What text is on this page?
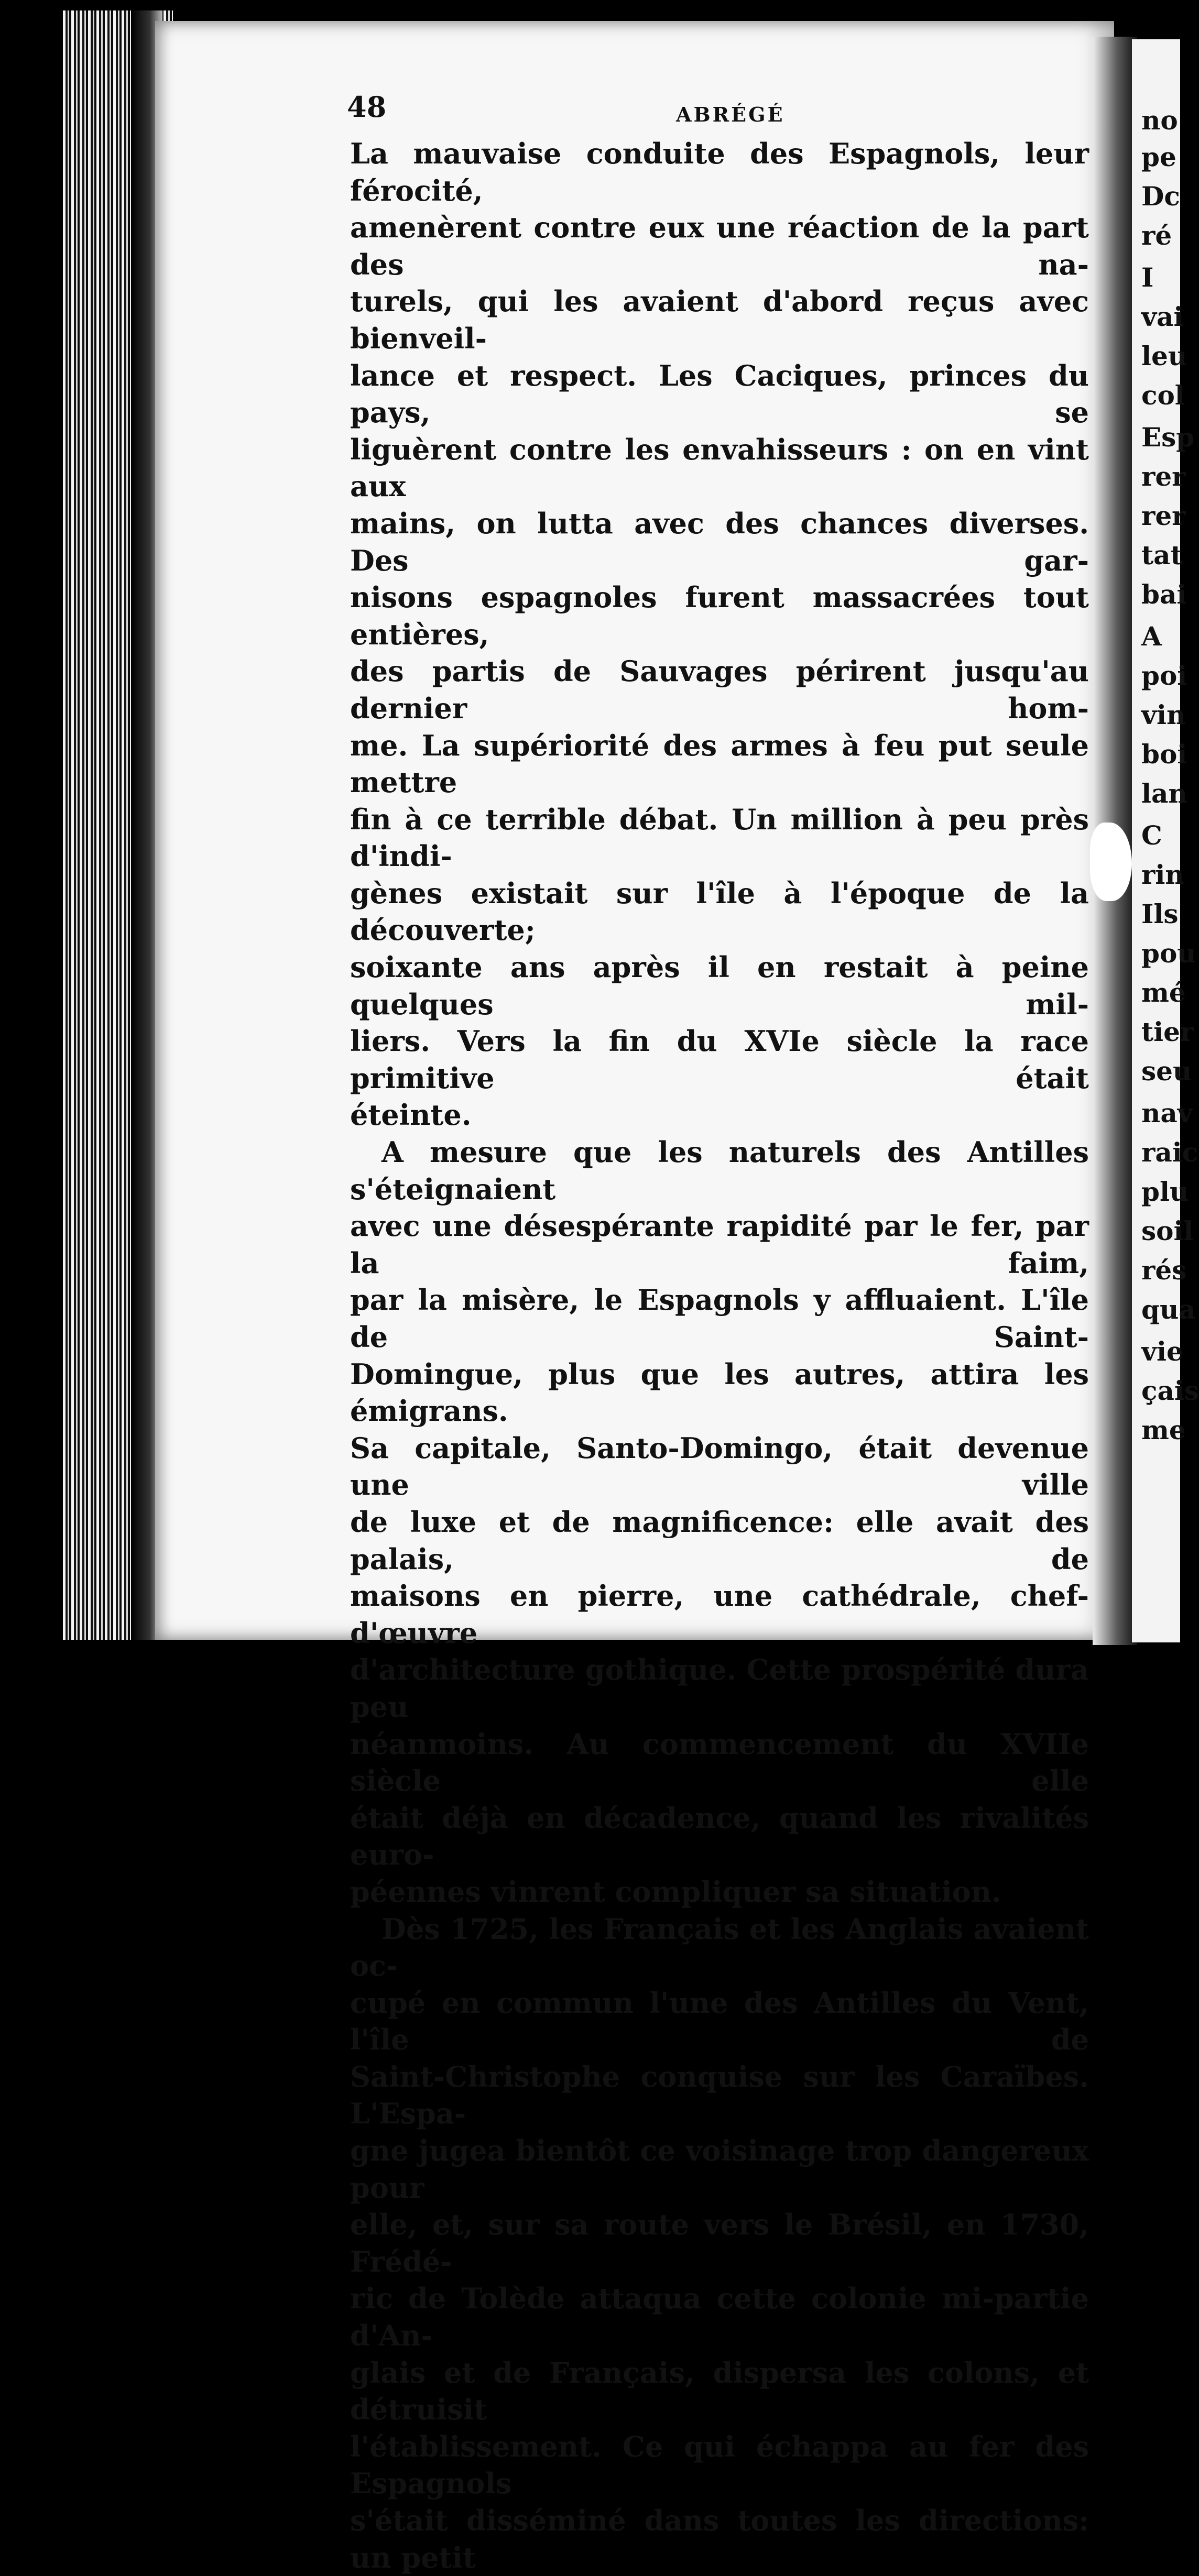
no
pe
Dc
ré
I
vai
leu
col
Esp
rer
rer
tat
bai
A
poi
vin
boi
lan
C
rin
Ils
pou
mé
tier
seu
nav
raic
plu
soil
rés
qua
vie
çais
me
48	ABRÉGÉ

La mauvaise conduite des Espagnols, leur férocité,

amenèrent contre eux une réaction de la part des na-

turels, qui les avaient d'abord reçus avec bienveil-

lance et respect. Les Caciques, princes du pays, se

liguèrent contre les envahisseurs : on en vint aux

mains, on lutta avec des chances diverses. Des gar-

nisons espagnoles furent massacrées tout entières,

des partis de Sauvages périrent jusqu'au dernier hom-

me. La supériorité des armes à feu put seule mettre

fin à ce terrible débat. Un million à peu près d'indi-

gènes existait sur l'île à l'époque de la découverte;

soixante ans après il en restait à peine quelques mil-

liers. Vers la fin du XVIe siècle la race primitive était

éteinte.

A mesure que les naturels des Antilles s'éteignaient

avec une désespérante rapidité par le fer, par la faim,

par la misère, le Espagnols y affluaient. L'île de Saint-

Domingue, plus que les autres, attira les émigrans.

Sa capitale, Santo-Domingo, était devenue une ville

de luxe et de magnificence: elle avait des palais, de

maisons en pierre, une cathédrale, chef-d'œuvre

d'architecture gothique. Cette prospérité dura peu

néanmoins. Au commencement du XVIIe siècle elle

était déjà en décadence, quand les rivalités euro-

péennes vinrent compliquer sa situation.

Dès 1725, les Français et les Anglais avaient oc-

cupé en commun l'une des Antilles du Vent, l'île de

Saint-Christophe conquise sur les Caraïbes. L'Espa-

gne jugea bientôt ce voisinage trop dangereux pour

elle, et, sur sa route vers le Brésil, en 1730, Frédé-

ric de Tolède attaqua cette colonie mi-partie d'An-

glais et de Français, dispersa les colons, et détruisit

l'établissement. Ce qui échappa au fer des Espagnols

s'était disséminé dans toutes les directions: un petit
